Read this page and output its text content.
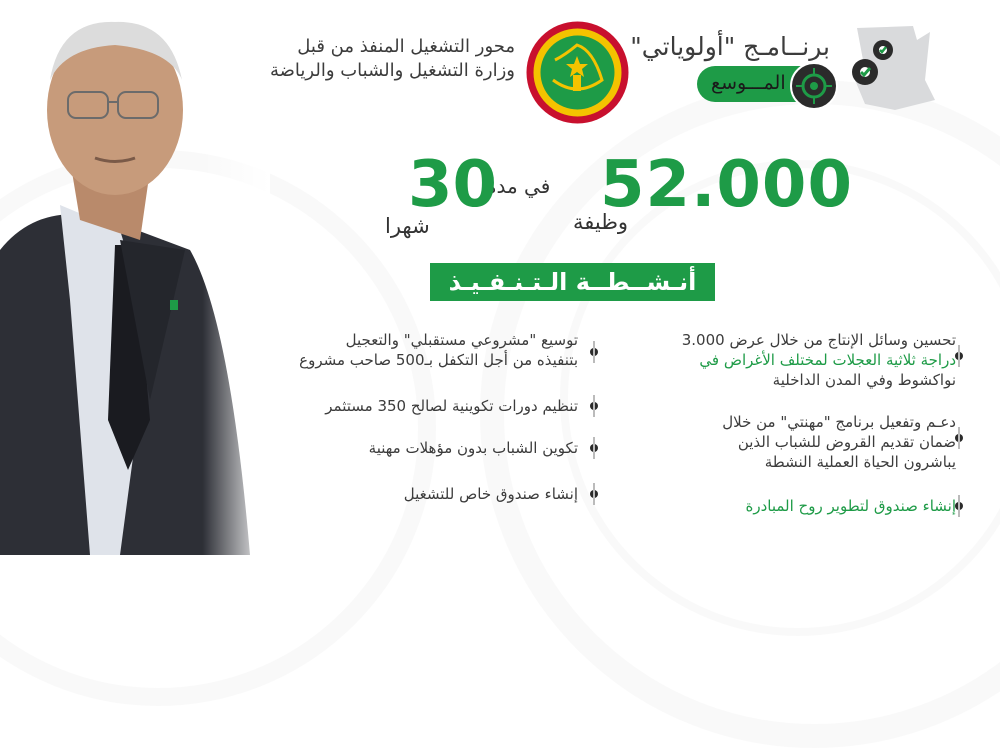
برنــامـج "أولوياتي"
المـــوسع
محور التشغيل المنفذ من قبل
وزارة التشغيل والشباب والرياضة
52.000
وظيفة
في مدة
30
شهرا
أنـشــطــة الـتـنـفـيـذ
تحسين وسائل الإنتاج من خلال عرض 3.000
دراجة ثلاثية العجلات لمختلف الأغراض في
نواكشوط وفي المدن الداخلية
دعـم وتفعيل برنامج "مهنتي" من خلال
ضمان تقديم القروض للشباب الذين
يباشرون الحياة العملية النشطة
إنشاء صندوق لتطوير روح المبادرة
توسيع "مشروعي مستقبلي" والتعجيل
بتنفيذه من أجل التكفل بـ500 صاحب مشروع
تنظيم دورات تكوينية لصالح 350 مستثمر
تكوين الشباب بدون مؤهلات مهنية
إنشاء صندوق خاص للتشغيل
